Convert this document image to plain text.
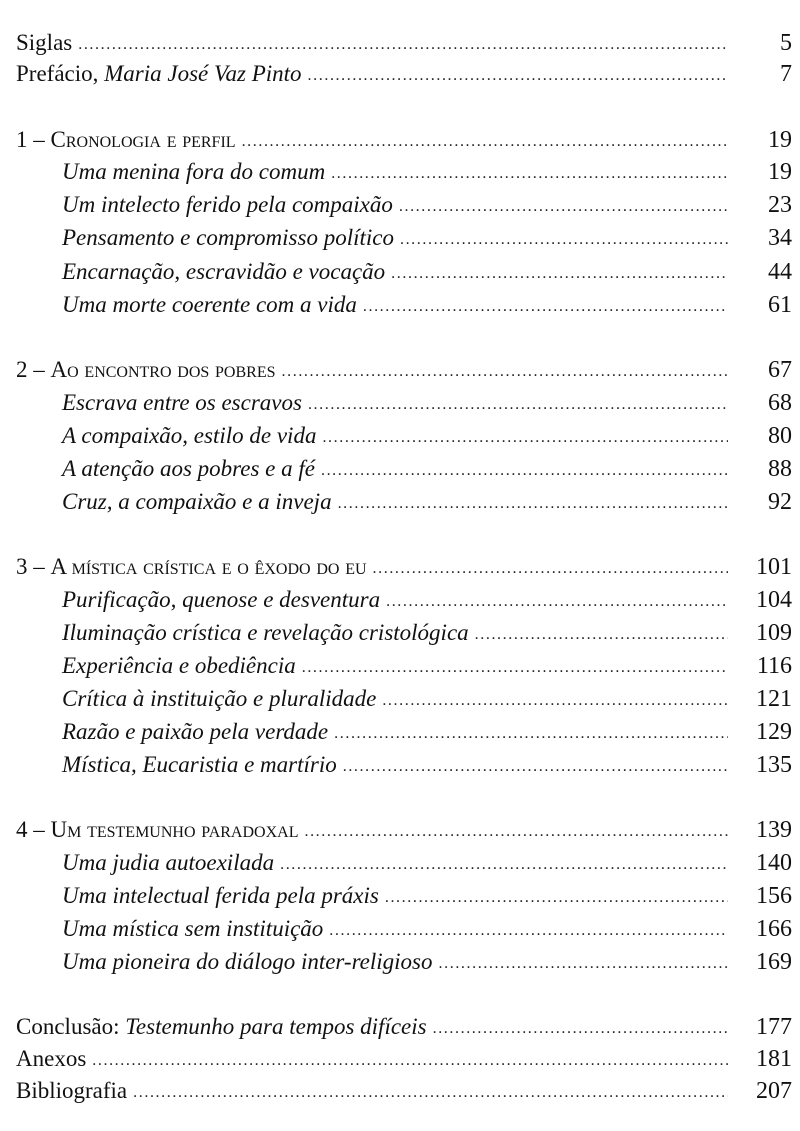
Siglas .....	5
Prefácio, Maria José Vaz Pinto .....	7
1 – Cronologia e perfil .....	19
Uma menina fora do comum .....	19
Um intelecto ferido pela compaixão .....	23
Pensamento e compromisso político .....	34
Encarnação, escravidão e vocação .....	44
Uma morte coerente com a vida .....	61
2 – Ao encontro dos pobres .....	67
Escrava entre os escravos .....	68
A compaixão, estilo de vida .....	80
A atenção aos pobres e a fé .....	88
Cruz, a compaixão e a inveja .....	92
3 – A mística crística e o êxodo do eu .....	101
Purificação, quenose e desventura .....	104
Iluminação crística e revelação cristológica .....	109
Experiência e obediência .....	116
Crítica à instituição e pluralidade .....	121
Razão e paixão pela verdade .....	129
Mística, Eucaristia e martírio .....	135
4 – Um testemunho paradoxal .....	139
Uma judia autoexilada .....	140
Uma intelectual ferida pela práxis .....	156
Uma mística sem instituição .....	166
Uma pioneira do diálogo inter-religioso .....	169
Conclusão: Testemunho para tempos difíceis .....	177
Anexos .....	181
Bibliografia .....	207
